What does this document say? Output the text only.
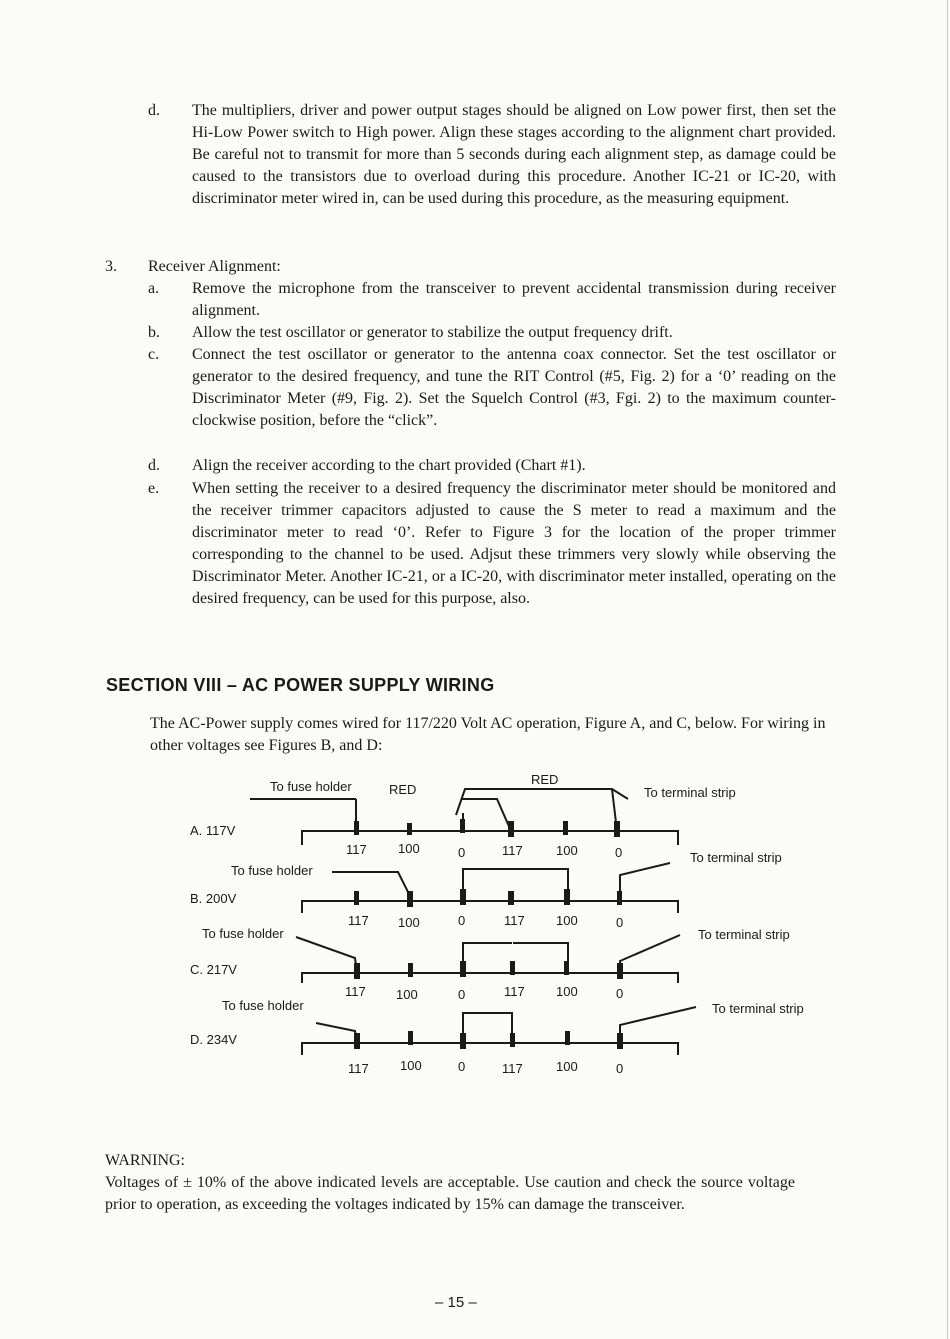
d. The multipliers, driver and power output stages should be aligned on Low power first, then set the Hi-Low Power switch to High power. Align these stages according to the alignment chart provided. Be careful not to transmit for more than 5 seconds during each alignment step, as damage could be caused to the transistors due to overload during this procedure. Another IC-21 or IC-20, with discriminator meter wired in, can be used during this procedure, as the measuring equipment.
3. Receiver Alignment:
a. Remove the microphone from the transceiver to prevent accidental transmission during receiver alignment.
b. Allow the test oscillator or generator to stabilize the output frequency drift.
c. Connect the test oscillator or generator to the antenna coax connector. Set the test oscillator or generator to the desired frequency, and tune the RIT Control (#5, Fig. 2) for a ‘0’ reading on the Discriminator Meter (#9, Fig. 2). Set the Squelch Control (#3, Fgi. 2) to the maximum counter-clockwise position, before the “click”.
d. Align the receiver according to the chart provided (Chart #1).
e. When setting the receiver to a desired frequency the discriminator meter should be monitored and the receiver trimmer capacitors adjusted to cause the S meter to read a maximum and the discriminator meter to read ‘0’. Refer to Figure 3 for the location of the proper trimmer corresponding to the channel to be used. Adjsut these trimmers very slowly while observing the Discriminator Meter. Another IC-21, or a IC-20, with discriminator meter installed, operating on the desired frequency, can be used for this purpose, also.
SECTION VIII – AC POWER SUPPLY WIRING
The AC-Power supply comes wired for 117/220 Volt AC operation, Figure A, and C, below. For wiring in other voltages see Figures B, and D:
A. 117V
To fuse holder	RED
RED
To terminal strip
117 100	0	117	100	0
B. 200V
To fuse holder
To terminal strip
117 100	0	117 100	0
C. 217V
To fuse holder	To terminal strip
117 100	0	117 100	0
D. 234V
To fuse holder	To terminal strip
117 100	0	117	100	0
WARNING:
Voltages of ± 10% of the above indicated levels are acceptable. Use caution and check the source voltage prior to operation, as exceeding the voltages indicated by 15% can damage the transceiver.
– 15 –
